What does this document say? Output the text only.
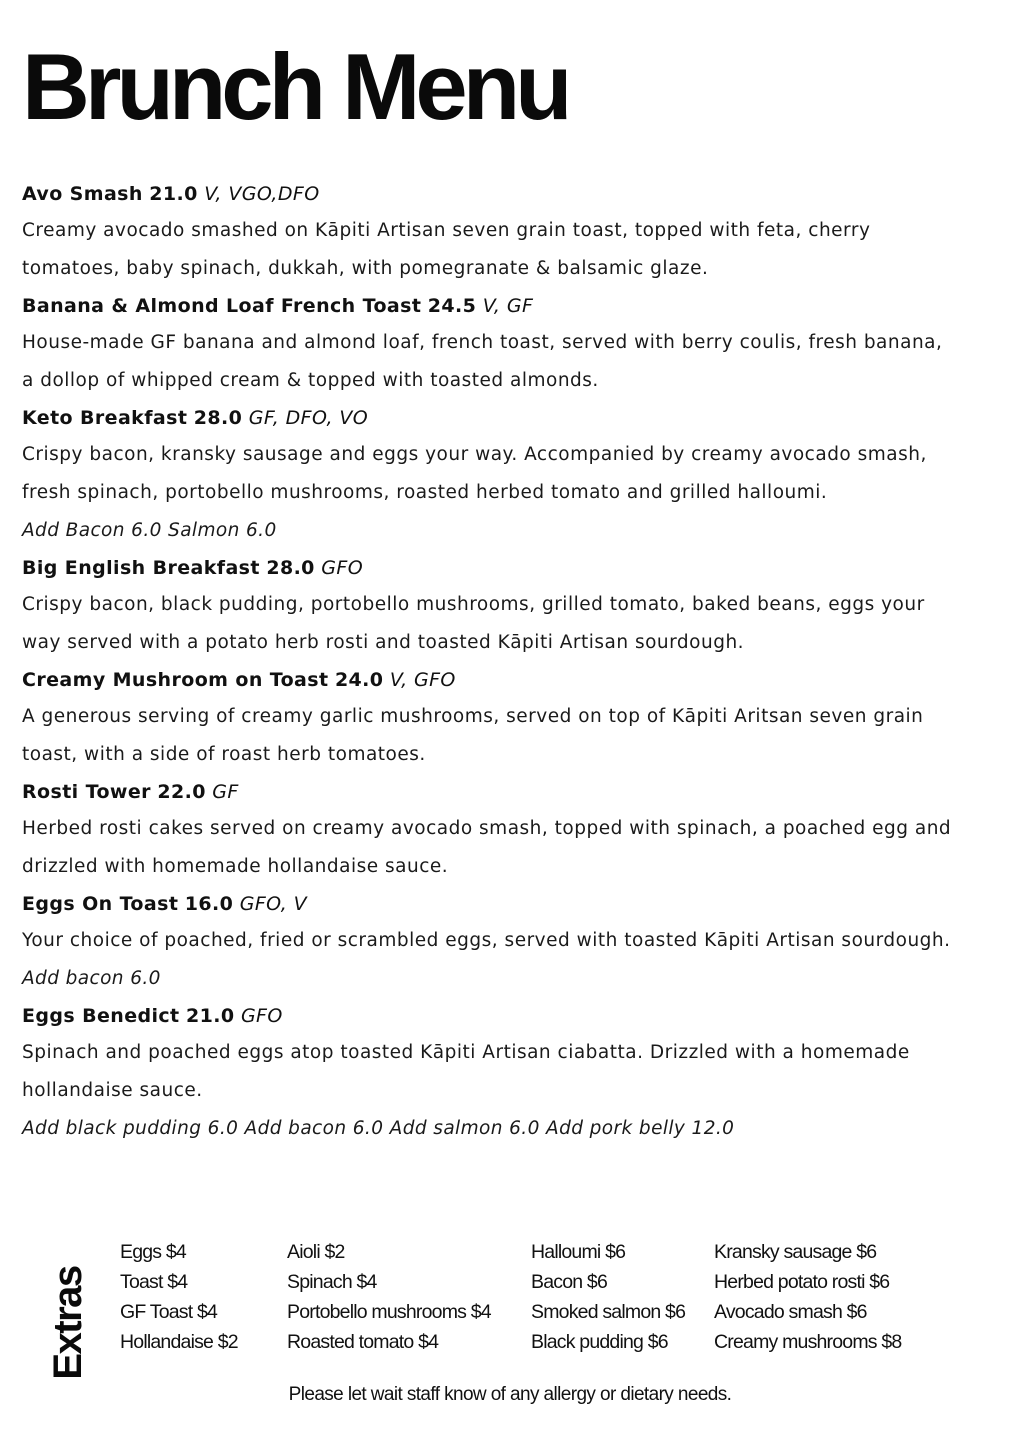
Brunch Menu
Avo Smash 21.0 V, VGO,DFO
Creamy avocado smashed on Kāpiti Artisan seven grain toast, topped with feta, cherry tomatoes, baby spinach, dukkah, with pomegranate & balsamic glaze.
Banana & Almond Loaf French Toast 24.5 V, GF
House-made GF banana and almond loaf, french toast, served with berry coulis, fresh banana, a dollop of whipped cream & topped with toasted almonds.
Keto Breakfast 28.0 GF, DFO, VO
Crispy bacon, kransky sausage and eggs your way. Accompanied by creamy avocado smash, fresh spinach, portobello mushrooms, roasted herbed tomato and grilled halloumi.
Add Bacon 6.0 Salmon 6.0
Big English Breakfast 28.0 GFO
Crispy bacon, black pudding, portobello mushrooms, grilled tomato, baked beans, eggs your way served with a potato herb rosti and toasted Kāpiti Artisan sourdough.
Creamy Mushroom on Toast 24.0 V, GFO
A generous serving of creamy garlic mushrooms, served on top of Kāpiti Aritsan seven grain toast, with a side of roast herb tomatoes.
Rosti Tower 22.0 GF
Herbed rosti cakes served on creamy avocado smash, topped with spinach, a poached egg and drizzled with homemade hollandaise sauce.
Eggs On Toast 16.0 GFO, V
Your choice of poached, fried or scrambled eggs, served with toasted Kāpiti Artisan sourdough.
Add bacon 6.0
Eggs Benedict 21.0 GFO
Spinach and poached eggs atop toasted Kāpiti Artisan ciabatta. Drizzled with a homemade hollandaise sauce.
Add black pudding 6.0 Add bacon 6.0 Add salmon 6.0 Add pork belly 12.0
Extras
Eggs $4
Toast $4
GF Toast $4
Hollandaise $2
Aioli $2
Spinach $4
Portobello mushrooms $4
Roasted tomato $4
Halloumi $6
Bacon $6
Smoked salmon $6
Black pudding $6
Kransky sausage $6
Herbed potato rosti $6
Avocado smash $6
Creamy mushrooms $8
Please let wait staff know of any allergy or dietary needs.
